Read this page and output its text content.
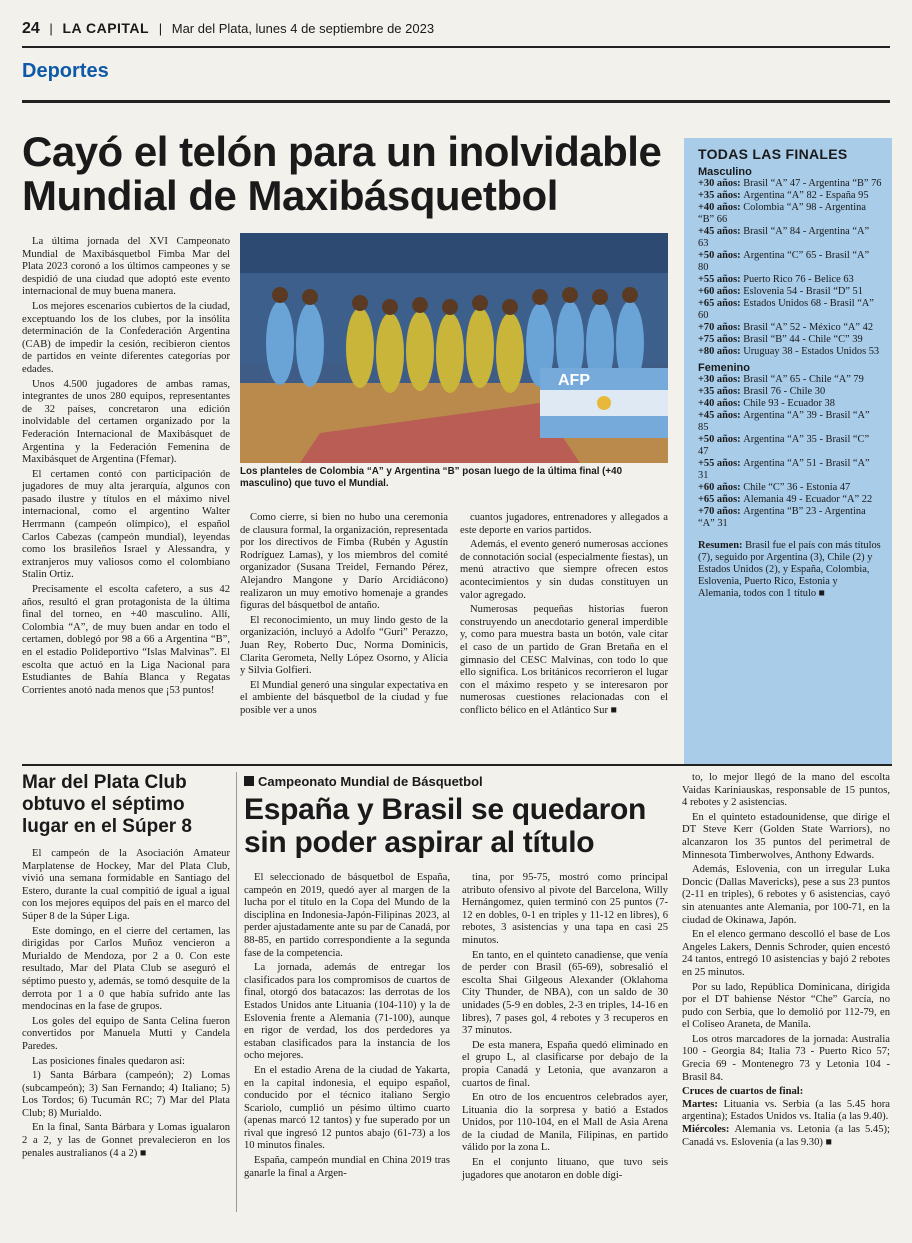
24 | LA CAPITAL | Mar del Plata, lunes 4 de septiembre de 2023
Deportes
Cayó el telón para un inolvidable Mundial de Maxibásquetbol

La última jornada del XVI Campeonato Mundial de Maxibásquetbol Fimba Mar del Plata 2023 coronó a los últimos campeones y se despidió de una ciudad que adoptó este evento internacional de muy buena manera.

Los mejores escenarios cubiertos de la ciudad, exceptuando los de los clubes, por la insólita determinación de la Confederación Argentina (CAB) de impedir la cesión, recibieron cientos de partidos en veinte diferentes categorías por edades.

Unos 4.500 jugadores de ambas ramas, integrantes de unos 280 equipos, representantes de 32 países, concretaron una edición inolvidable del certamen organizado por la Federación Internacional de Maxibásquet de Argentina y la Federación Femenina de Maxibásquet de Argentina (Ffemar).

El certamen contó con participación de jugadores de muy alta jerarquía, algunos con pasado ilustre y títulos en el máximo nivel internacional, como el argentino Walter Herrmann (campeón olímpico), el español Carlos Cabezas (campeón mundial), leyendas como los brasileños Israel y Alessandra, y extranjeros muy valiosos como el colombiano Stalin Ortiz.

Precisamente el escolta cafetero, a sus 42 años, resultó el gran protagonista de la última final del torneo, en +40 masculino. Allí, Colombia “A”, de muy buen andar en todo el certamen, doblegó por 98 a 66 a Argentina “B”, en el estadio Polideportivo “Islas Malvinas”. El escolta que actuó en la Liga Nacional para Estudiantes de Bahía Blanca y Regatas Corrientes anotó nada menos que ¡53 puntos!

AFP
Los planteles de Colombia “A” y Argentina “B” posan luego de la última final (+40 masculino) que tuvo el Mundial.

Como cierre, si bien no hubo una ceremonia de clausura formal, la organización, representada por los directivos de Fimba (Rubén y Agustín Rodríguez Lamas), y los miembros del comité organizador (Susana Treidel, Fernando Pérez, Alejandro Mangone y Darío Arcidiácono) realizaron un muy emotivo homenaje a grandes figuras del básquetbol de antaño.

El reconocimiento, un muy lindo gesto de la organización, incluyó a Adolfo “Guri” Perazzo, Juan Rey, Roberto Duc, Norma Dominicis, Clarita Gerometa, Nelly López Osorno, y Alicia y Silvia Golfieri.

El Mundial generó una singular expectativa en el ambiente del básquetbol de la ciudad y fue posible ver a unos

cuantos jugadores, entrenadores y allegados a este deporte en varios partidos.

Además, el evento generó numerosas acciones de connotación social (especialmente fiestas), un menú atractivo que siempre ofrecen estos acontecimientos y sin dudas constituyen un valor agregado.

Numerosas pequeñas historias fueron construyendo un anecdotario general imperdible y, como para muestra basta un botón, vale citar el caso de un partido de Gran Bretaña en el gimnasio del CESC Malvinas, con todo lo que ello significa. Los británicos recorrieron el lugar con el máximo respeto y se interesaron por numerosas cuestiones relacionadas con el conflicto bélico en el Atlántico Sur ■

TODAS LAS FINALES
Masculino
+30 años: Brasil “A” 47 - Argentina “B” 76
+35 años: Argentina “A” 82 - España 95
+40 años: Colombia “A” 98 - Argentina “B” 66
+45 años: Brasil “A” 84 - Argentina “A” 63
+50 años: Argentina “C” 65 - Brasil “A” 80
+55 años: Puerto Rico 76 - Belice 63
+60 años: Eslovenia 54 - Brasil “D” 51
+65 años: Estados Unidos 68 - Brasil “A” 60
+70 años: Brasil “A” 52 - México “A” 42
+75 años: Brasil “B” 44 - Chile “C” 39
+80 años: Uruguay 38 - Estados Unidos 53
Femenino
+30 años: Brasil “A” 65 - Chile “A” 79
+35 años: Brasil 76 - Chile 30
+40 años: Chile 93 - Ecuador 38
+45 años: Argentina “A” 39 - Brasil “A” 85
+50 años: Argentina “A” 35 - Brasil “C” 47
+55 años: Argentina “A” 51 - Brasil “A” 31
+60 años: Chile “C” 36 - Estonia 47
+65 años: Alemania 49 - Ecuador “A” 22
+70 años: Argentina “B” 23 - Argentina “A” 31
Resumen: Brasil fue el país con más títulos (7), seguido por Argentina (3), Chile (2) y Estados Unidos (2), y España, Colombia, Eslovenia, Puerto Rico, Estonia y Alemania, todos con 1 título ■
Mar del Plata Club obtuvo el séptimo lugar en el Súper 8

El campeón de la Asociación Amateur Marplatense de Hockey, Mar del Plata Club, vivió una semana formidable en Santiago del Estero, durante la cual compitió de igual a igual con los mejores equipos del país en el marco del Súper 8 de la Súper Liga.

Este domingo, en el cierre del certamen, las dirigidas por Carlos Muñoz vencieron a Murialdo de Mendoza, por 2 a 0. Con este resultado, Mar del Plata Club se aseguró el séptimo puesto y, además, se tomó desquite de la derrota por 1 a 0 que había sufrido ante las mendocinas en la fase de grupos.

Los goles del equipo de Santa Celina fueron convertidos por Manuela Mutti y Candela Paredes.

Las posiciones finales quedaron así:

1) Santa Bárbara (campeón); 2) Lomas (subcampeón); 3) San Fernando; 4) Italiano; 5) Los Tordos; 6) Tucumán RC; 7) Mar del Plata Club; 8) Murialdo.

En la final, Santa Bárbara y Lomas igualaron 2 a 2, y las de Gonnet prevalecieron en los penales australianos (4 a 2) ■

Campeonato Mundial de Básquetbol
España y Brasil se quedaron sin poder aspirar al título

El seleccionado de básquetbol de España, campeón en 2019, quedó ayer al margen de la lucha por el título en la Copa del Mundo de la disciplina en Indonesia-Japón-Filipinas 2023, al perder ajustadamente ante su par de Canadá, por 88-85, en partido correspondiente a la segunda fase de la competencia.

La jornada, además de entregar los clasificados para los compromisos de cuartos de final, otorgó dos batacazos: las derrotas de los Estados Unidos ante Lituania (104-110) y la de Eslovenia frente a Alemania (71-100), aunque en rigor de verdad, los dos perdedores ya estaban clasificados para la instancia de los ocho mejores.

En el estadio Arena de la ciudad de Yakarta, en la capital indonesia, el equipo español, conducido por el técnico italiano Sergio Scariolo, cumplió un pésimo último cuarto (apenas marcó 12 tantos) y fue superado por un rival que ingresó 12 puntos abajo (61-73) a los 10 minutos finales.

España, campeón mundial en China 2019 tras ganarle la final a Argen-

tina, por 95-75, mostró como principal atributo ofensivo al pivote del Barcelona, Willy Hernángomez, quien terminó con 25 puntos (7-12 en dobles, 0-1 en triples y 11-12 en libres), 6 rebotes, 3 asistencias y una tapa en casi 25 minutos.

En tanto, en el quinteto canadiense, que venía de perder con Brasil (65-69), sobresalió el escolta Shai Gilgeous Alexander (Oklahoma City Thunder, de NBA), con un saldo de 30 unidades (5-9 en dobles, 2-3 en triples, 14-16 en libres), 7 pases gol, 4 rebotes y 3 recuperos en 37 minutos.

De esta manera, España quedó eliminado en el grupo L, al clasificarse por debajo de la propia Canadá y Letonia, que avanzaron a cuartos de final.

En otro de los encuentros celebrados ayer, Lituania dio la sorpresa y batió a Estados Unidos, por 110-104, en el Mall de Asia Arena de la ciudad de Manila, Filipinas, en partido válido por la zona L.

En el conjunto lituano, que tuvo seis jugadores que anotaron en doble dígi-

to, lo mejor llegó de la mano del escolta Vaidas Kariniauskas, responsable de 15 puntos, 4 rebotes y 2 asistencias.

En el quinteto estadounidense, que dirige el DT Steve Kerr (Golden State Warriors), no alcanzaron los 35 puntos del perimetral de Minnesota Timberwolves, Anthony Edwards.

Además, Eslovenia, con un irregular Luka Doncic (Dallas Mavericks), pese a sus 23 puntos (2-11 en triples), 6 rebotes y 6 asistencias, cayó sin atenuantes ante Alemania, por 100-71, en la ciudad de Okinawa, Japón.

En el elenco germano descolló el base de Los Angeles Lakers, Dennis Schroder, quien encestó 24 tantos, entregó 10 asistencias y bajó 2 rebotes en 25 minutos.

Por su lado, República Dominicana, dirigida por el DT bahiense Néstor “Che” García, no pudo con Serbia, que lo demolió por 112-79, en el Coliseo Araneta, de Manila.

Los otros marcadores de la jornada: Australia 100 - Georgia 84; Italia 73 - Puerto Rico 57; Grecia 69 - Montenegro 73 y Letonia 104 - Brasil 84.

Cruces de cuartos de final:
Martes: Lituania vs. Serbia (a las 5.45 hora argentina); Estados Unidos vs. Italia (a las 9.40).
Miércoles: Alemania vs. Letonia (a las 5.45); Canadá vs. Eslovenia (a las 9.30) ■
